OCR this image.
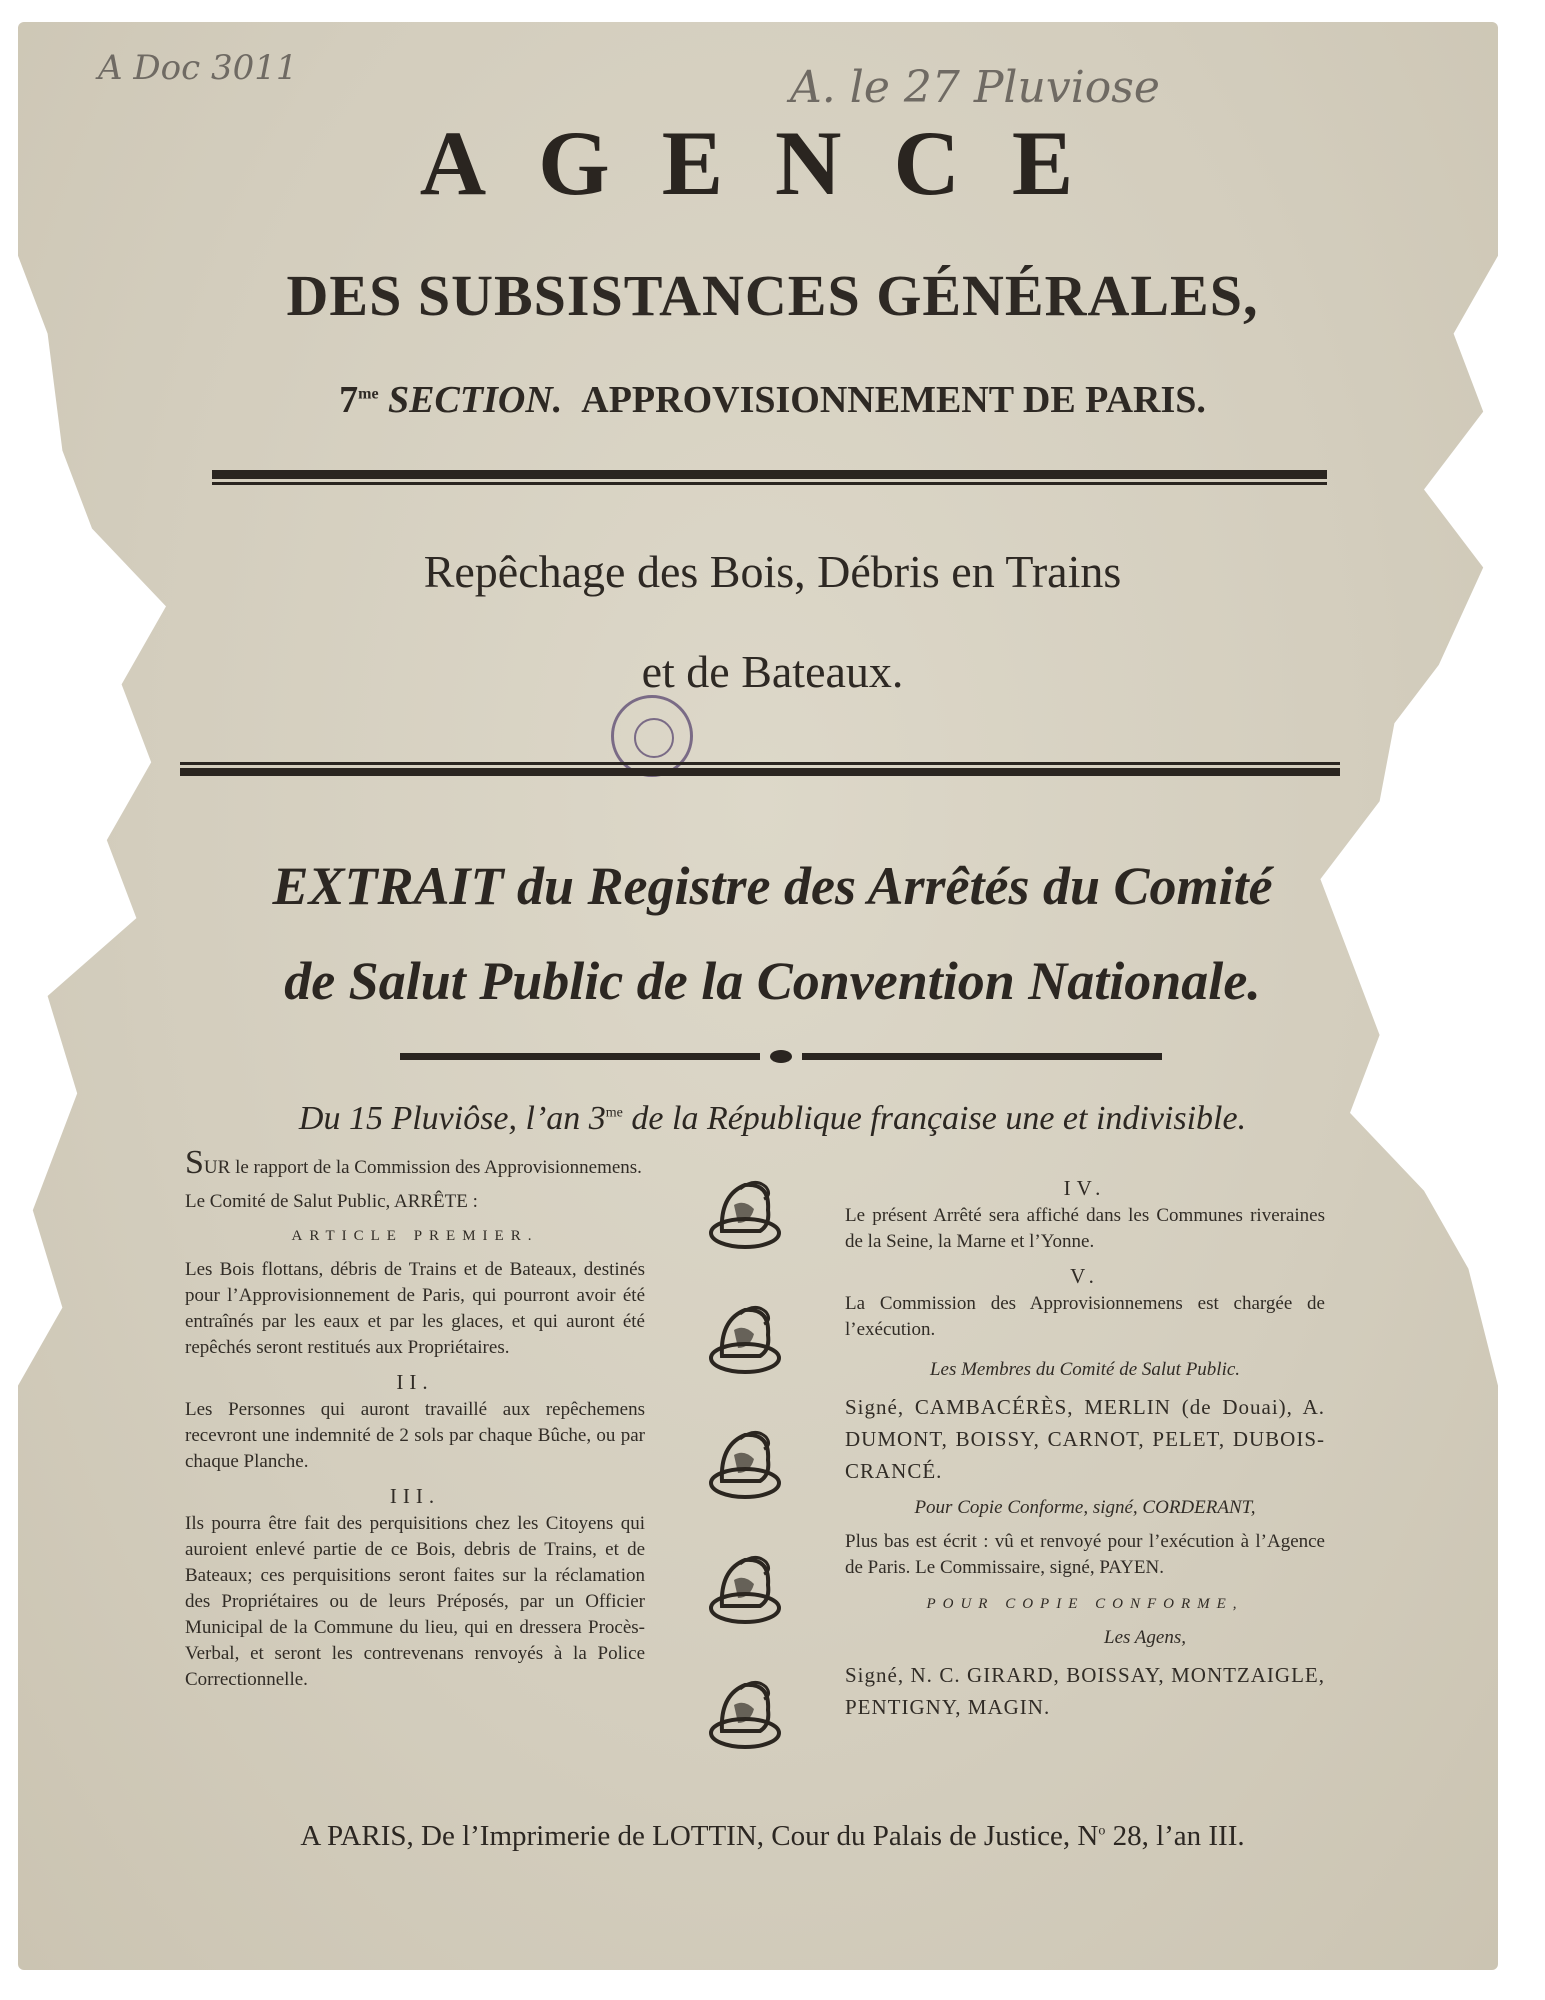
A Doc 3011	A. le 27 Pluviose
AGENCE
DES SUBSISTANCES GÉNÉRALES,
$7^{me}$ SECTION. APPROVISIONNEMENT DE PARIS.
Repêchage des Bois, Débris en Trains
et de Bateaux.
EXTRAIT du Registre des Arrêtés du Comité
de Salut Public de la Convention Nationale.
Du 15 Pluviôse, l’an $3^{me}$ de la République française une et indivisible.

SUR le rapport de la Commission des Approvisionnemens.

Le Comité de Salut Public, ARRÊTE :

ARTICLE PREMIER.

Les Bois flottans, débris de Trains et de Bateaux, destinés pour l’Approvisionnement de Paris, qui pourront avoir été entraînés par les eaux et par les glaces, et qui auront été repêchés seront restitués aux Propriétaires.

II.

Les Personnes qui auront travaillé aux repêchemens recevront une indemnité de 2 sols par chaque Bûche, ou par chaque Planche.

III.

Ils pourra être fait des perquisitions chez les Citoyens qui auroient enlevé partie de ce Bois, debris de Trains, et de Bateaux; ces perquisitions seront faites sur la réclamation des Propriétaires ou de leurs Préposés, par un Officier Municipal de la Commune du lieu, qui en dressera Procès-Verbal, et seront les contrevenans renvoyés à la Police Correctionnelle.

IV.

Le présent Arrêté sera affiché dans les Communes riveraines de la Seine, la Marne et l’Yonne.

V.

La Commission des Approvisionnemens est chargée de l’exécution.

Les Membres du Comité de Salut Public.

Signé, CAMBACÉRÈS, MERLIN (de Douai), A. DUMONT, BOISSY, CARNOT, PELET, DUBOIS-CRANCÉ.

Pour Copie Conforme, signé, CORDERANT,

Plus bas est écrit : vû et renvoyé pour l’exécution à l’Agence de Paris. Le Commissaire, signé, PAYEN.

POUR COPIE CONFORME,

Les Agens,

Signé, N. C. GIRARD, BOISSAY, MONTZAIGLE, PENTIGNY, MAGIN.

A PARIS, De l’Imprimerie de LOTTIN, Cour du Palais de Justice, $N^o$ 28, l’an III.
